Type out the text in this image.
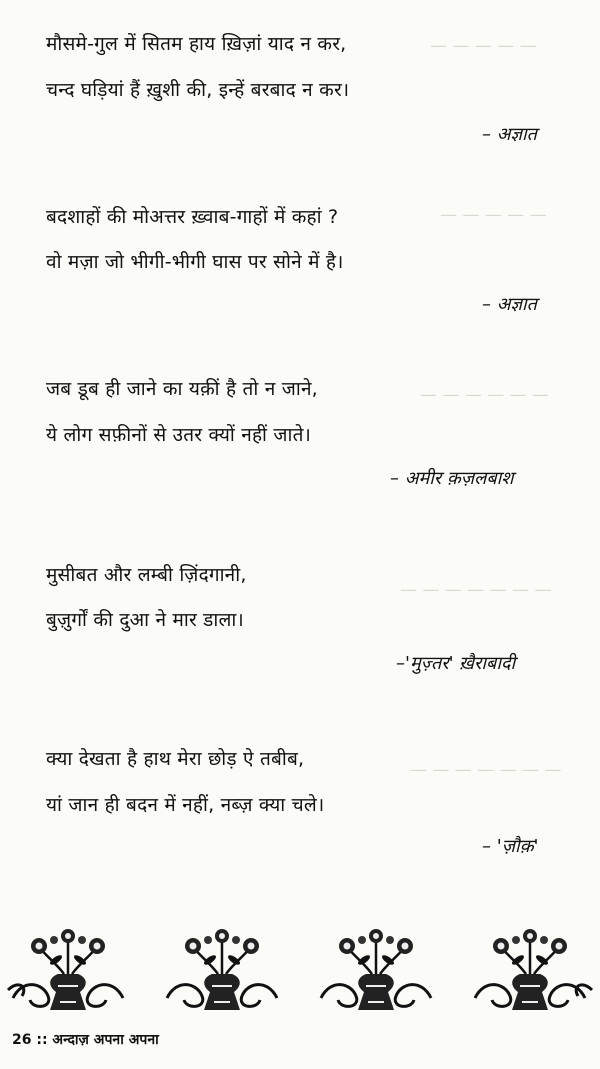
— — — — —
— — — — —
— — — — — —
— — — — — — —
— — — — — — —
मौसमे-गुल में सितम हाय ख़िज़ां याद न कर,
चन्द घड़ियां हैं ख़ुशी की, इन्हें बरबाद न कर।
– अज्ञात
बदशाहों की मोअत्तर ख़्वाब-गाहों में कहां ?
वो मज़ा जो भीगी-भीगी घास पर सोने में है।
– अज्ञात
जब डूब ही जाने का यक़ीं है तो न जाने,
ये लोग सफ़ीनों से उतर क्यों नहीं जाते।
– अमीर क़ज़लबाश
मुसीबत और लम्बी ज़िंदगानी,
बुज़ुर्गों की दुआ ने मार डाला।
–'मुज़्तर' ख़ैराबादी
क्या देखता है हाथ मेरा छोड़ ऐ तबीब,
यां जान ही बदन में नहीं, नब्ज़ क्या चले।
– 'ज़ौक़'
26 :: अन्दाज़ अपना अपना
